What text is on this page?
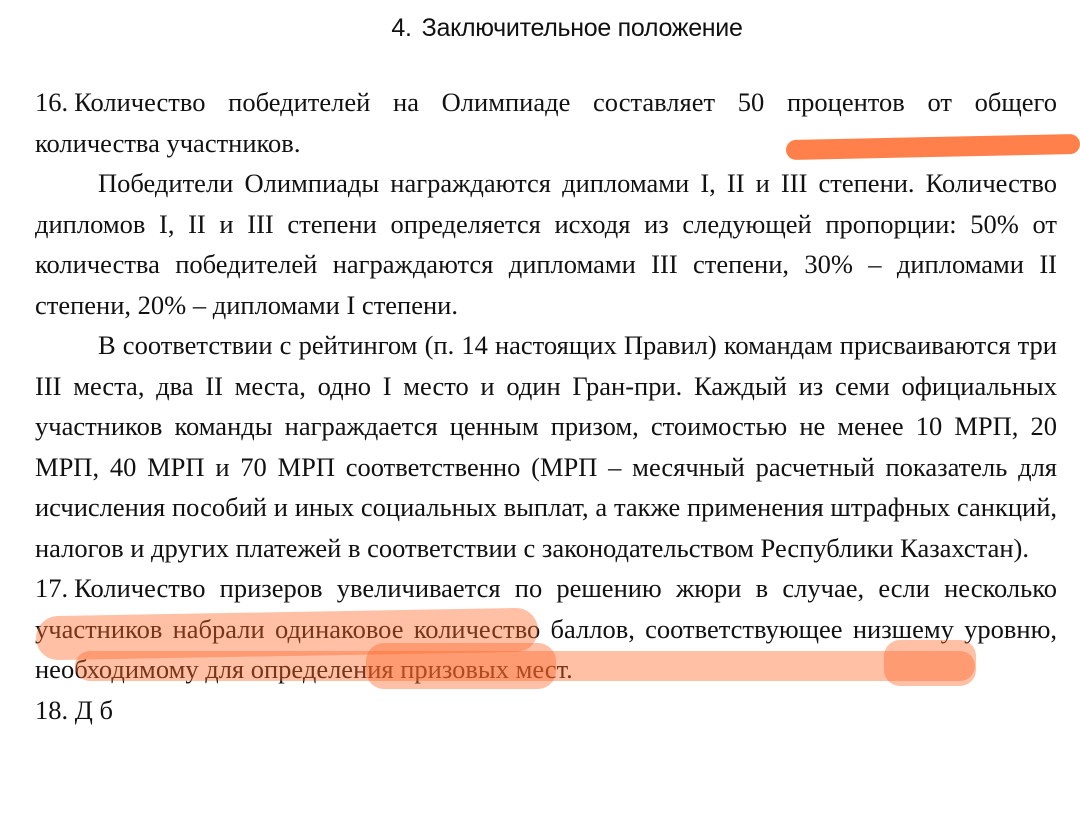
4. Заключительное положение

16. Количество победителей на Олимпиаде составляет 50 процентов от общего количества участников.

Победители Олимпиады награждаются дипломами I, II и III степени. Количество дипломов I, II и III степени определяется исходя из следующей пропорции: 50% от количества победителей награждаются дипломами III степени, 30% – дипломами II степени, 20% – дипломами I степени.

В соответствии с рейтингом (п. 14 настоящих Правил) командам присваиваются три III места, два II места, одно I место и один Гран-при. Каждый из семи официальных участников команды награждается ценным призом, стоимостью не менее 10 МРП, 20 МРП, 40 МРП и 70 МРП соответственно (МРП – месячный расчетный показатель для исчисления пособий и иных социальных выплат, а также применения штрафных санкций, налогов и других платежей в соответствии с законодательством Республики Казахстан).

17. Количество призеров увеличивается по решению жюри в случае, если несколько участников набрали одинаковое количество баллов, соответствующее низшему уровню, необходимому для определения призовых мест.

18. Д б
